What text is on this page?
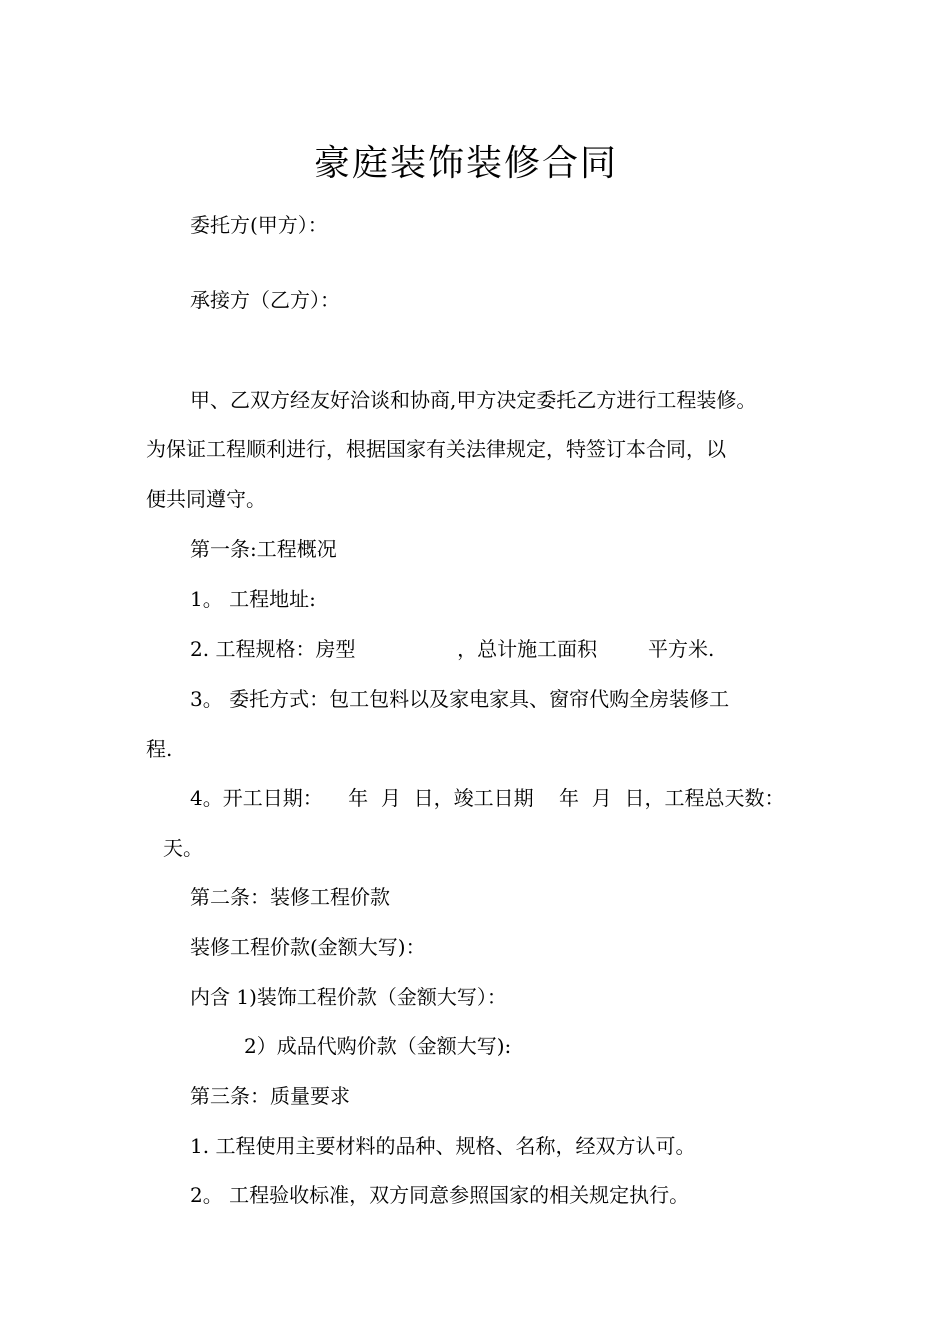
豪庭装饰装修合同
委托方(甲方）：
承接方（乙方）：
甲、乙双方经友好洽谈和协商,甲方决定委托乙方进行工程装修。
为保证工程顺利进行，根据国家有关法律规定，特签订本合同，以
便共同遵守。
第一条:工程概况
1。 工程地址:
2. 工程规格：房型                ，总计施工面积        平方米.
3。 委托方式：包工包料以及家电家具、窗帘代购全房装修工
程.
4。开工日期：    年  月  日，竣工日期    年  月  日，工程总天数：
天。
第二条：装修工程价款
装修工程价款(金额大写)：
内含 1)装饰工程价款（金额大写）：
2）成品代购价款（金额大写):
第三条：质量要求
1. 工程使用主要材料的品种、规格、名称，经双方认可。
2。 工程验收标准，双方同意参照国家的相关规定执行。
